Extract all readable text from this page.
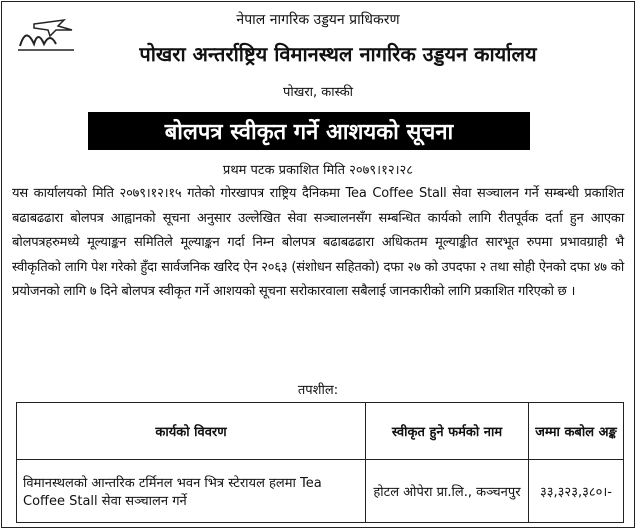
नेपाल नागरिक उड्डयन प्राधिकरण
पोखरा अन्तर्राष्ट्रिय विमानस्थल नागरिक उड्डयन कार्यालय
पोखरा, कास्की
बोलपत्र स्वीकृत गर्ने आशयको सूचना
प्रथम पटक प्रकाशित मिति २०७९।१२।२८
यस कार्यालयको मिति २०७९।१२।१५ गतेको गोरखापत्र राष्ट्रिय दैनिकमा Tea Coffee Stall सेवा सञ्चालन गर्ने सम्बन्धी प्रकाशित बढाबढढारा बोलपत्र आह्वानको सूचना अनुसार उल्लेखित सेवा सञ्चालनसँग सम्बन्धित कार्यको लागि रीतपूर्वक दर्ता हुन आएका बोलपत्रहरुमध्ये मूल्याङ्कन समितिले मूल्याङ्कन गर्दा निम्न बोलपत्र बढाबढढारा अधिकतम मूल्याङ्कीत सारभूत रुपमा प्रभावग्राही भै स्वीकृतिको लागि पेश गरेको हुँदा सार्वजनिक खरिद ऐन २०६३ (संशोधन सहितको) दफा २७ को उपदफा २ तथा सोही ऐनको दफा ४७ को प्रयोजनको लागि ७ दिने बोलपत्र स्वीकृत गर्ने आशयको सूचना सरोकारवाला सबैलाई जानकारीको लागि प्रकाशित गरिएको छ ।
तपशील:
कार्यको विवरण	स्वीकृत हुने फर्मको नाम	जम्मा कबोल अङ्क
विमानस्थलको आन्तरिक टर्मिनल भवन भित्र स्टेरायल हलमा Tea Coffee Stall सेवा सञ्चालन गर्ने	होटल ओपेरा प्रा.लि., कञ्चनपुर	३३,३२३,३८०।-
